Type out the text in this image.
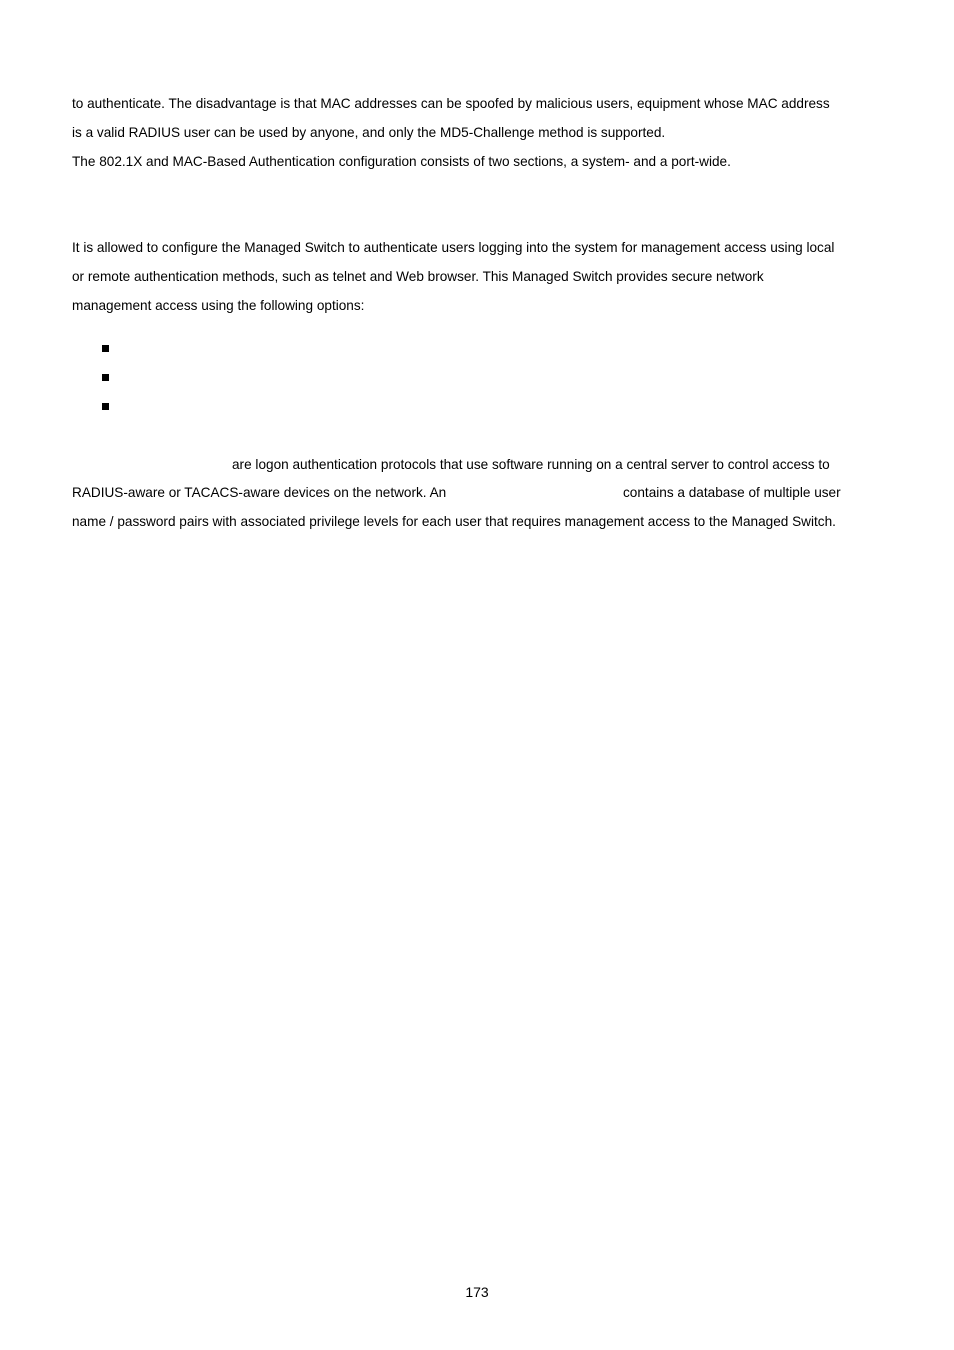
to authenticate. The disadvantage is that MAC addresses can be spoofed by malicious users, equipment whose MAC address
is a valid RADIUS user can be used by anyone, and only the MD5-Challenge method is supported.
The 802.1X and MAC-Based Authentication configuration consists of two sections, a system- and a port-wide.
It is allowed to configure the Managed Switch to authenticate users logging into the system for management access using local
or remote authentication methods, such as telnet and Web browser. This Managed Switch provides secure network
management access using the following options:
are logon authentication protocols that use software running on a central server to control access to
RADIUS-aware or TACACS-aware devices on the network. An	contains a database of multiple user
name / password pairs with associated privilege levels for each user that requires management access to the Managed Switch.
173
